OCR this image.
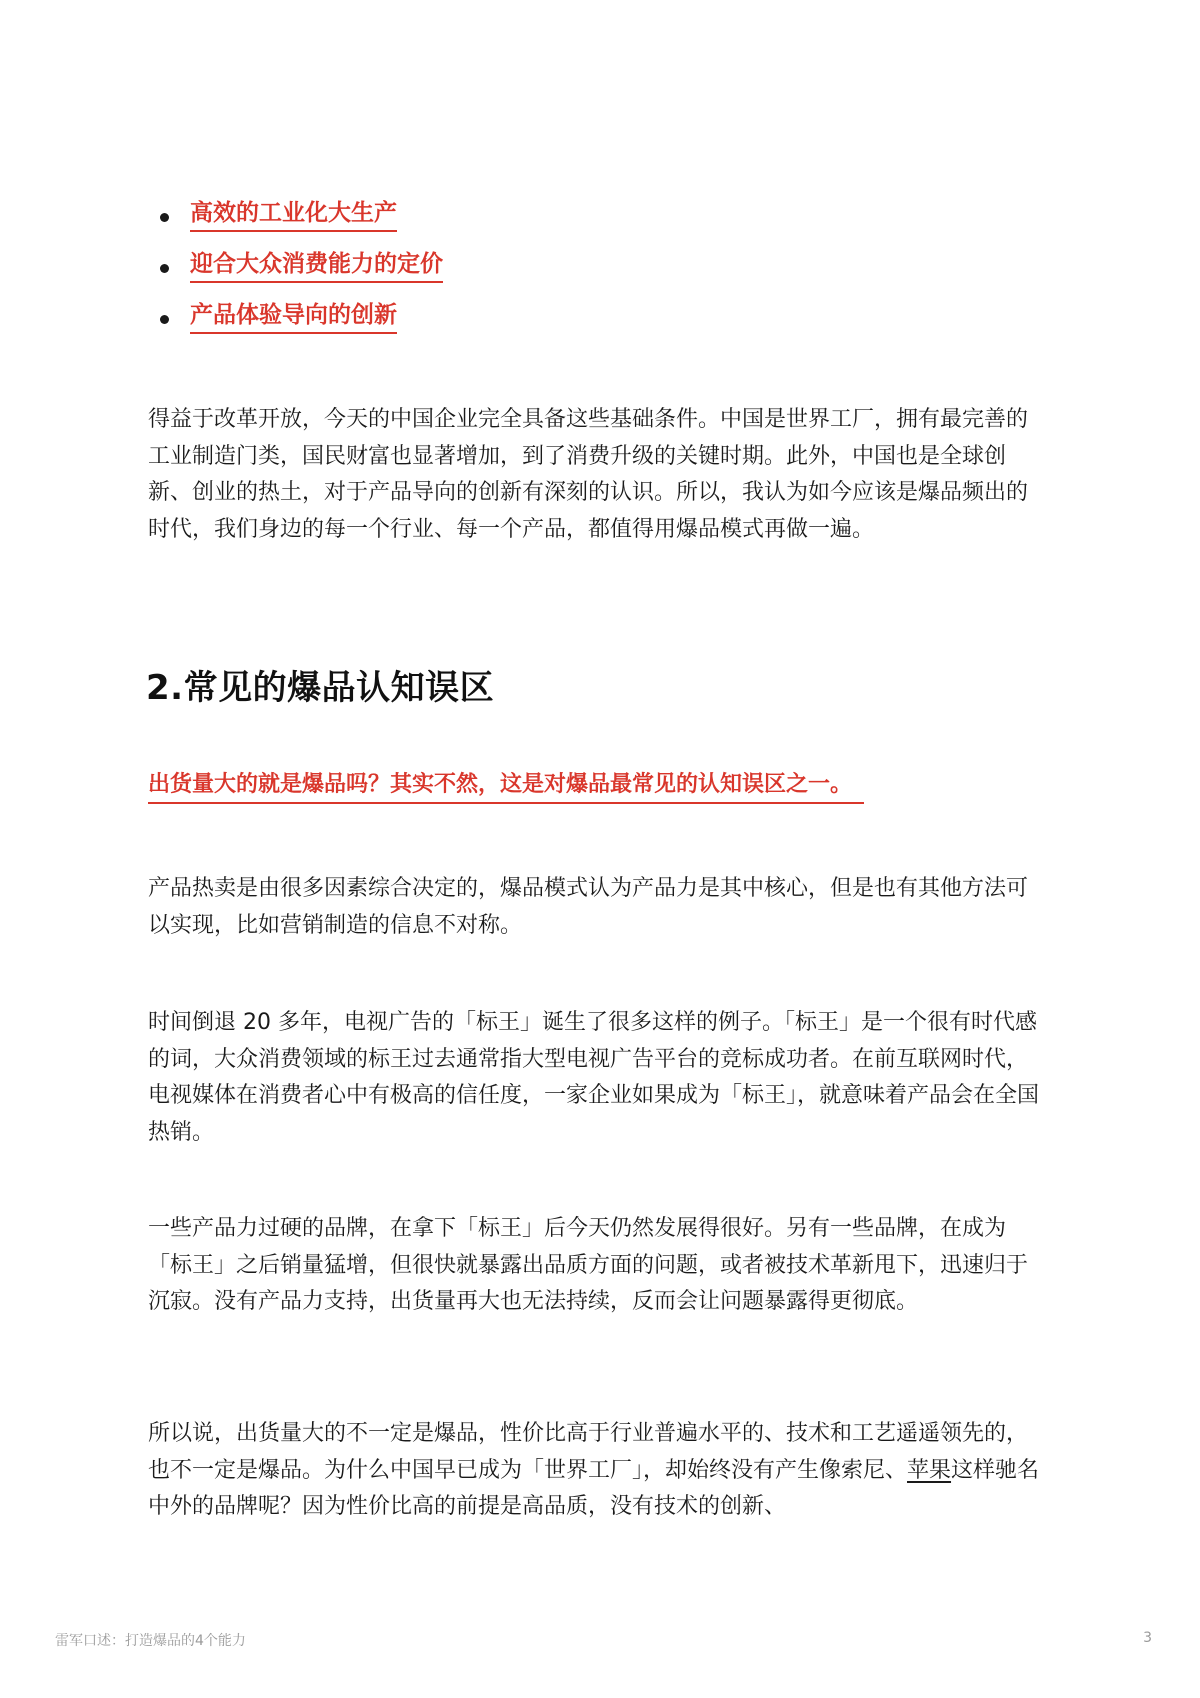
高效的工业化大生产
迎合大众消费能力的定价
产品体验导向的创新

得益于改革开放，今天的中国企业完全具备这些基础条件。中国是世界工厂，拥有最完善的工业制造门类，国民财富也显著增加，到了消费升级的关键时期。此外，中国也是全球创新、创业的热土，对于产品导向的创新有深刻的认识。所以，我认为如今应该是爆品频出的时代，我们身边的每一个行业、每一个产品，都值得用爆品模式再做一遍。

2.常见的爆品认知误区
出货量大的就是爆品吗？其实不然，这是对爆品最常见的认知误区之一。

产品热卖是由很多因素综合决定的，爆品模式认为产品力是其中核心，但是也有其他方法可以实现，比如营销制造的信息不对称。

时间倒退 20 多年，电视广告的「标王」诞生了很多这样的例子。「标王」是一个很有时代感的词，大众消费领域的标王过去通常指大型电视广告平台的竞标成功者。在前互联网时代，电视媒体在消费者心中有极高的信任度，一家企业如果成为「标王」，就意味着产品会在全国热销。

一些产品力过硬的品牌，在拿下「标王」后今天仍然发展得很好。另有一些品牌，在成为「标王」之后销量猛增，但很快就暴露出品质方面的问题，或者被技术革新甩下，迅速归于沉寂。没有产品力支持，出货量再大也无法持续，反而会让问题暴露得更彻底。

所以说，出货量大的不一定是爆品，性价比高于行业普遍水平的、技术和工艺遥遥领先的，也不一定是爆品。为什么中国早已成为「世界工厂」，却始终没有产生像索尼、苹果这样驰名中外的品牌呢？因为性价比高的前提是高品质，没有技术的创新、

雷军口述：打造爆品的4个能力	3
